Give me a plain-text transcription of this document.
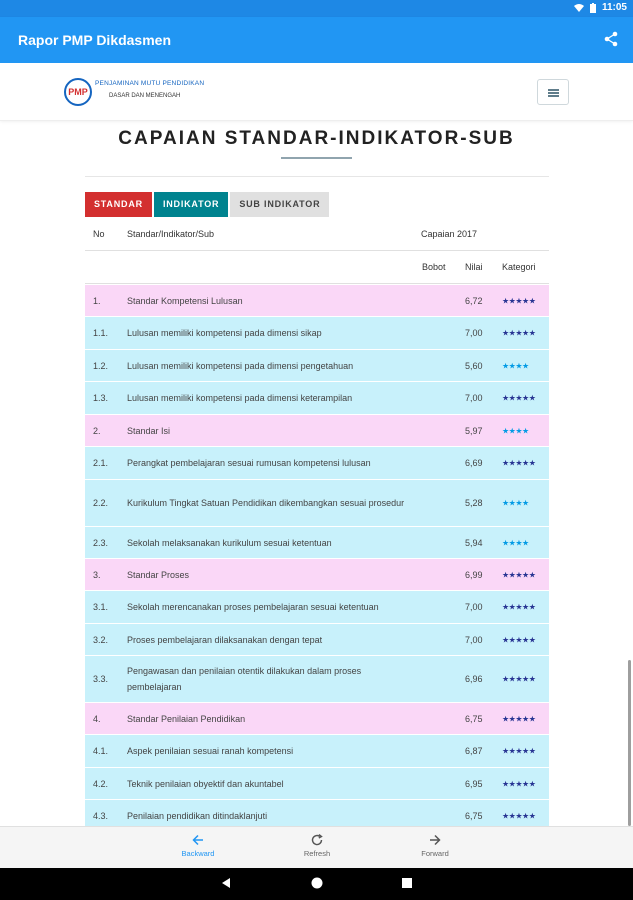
11:05
Rapor PMP Dikdasmen
PMP
PENJAMINAN MUTU PENDIDIKAN
DASAR DAN MENENGAH
CAPAIAN STANDAR-INDIKATOR-SUB
STANDAR	INDIKATOR	SUB INDIKATOR
No Standar/Indikator/Sub	Capaian 2017
Bobot Nilai Kategori
1.	Standar Kompetensi Lulusan	6,72 ★★★★★
1.1. Lulusan memiliki kompetensi pada dimensi sikap	7,00 ★★★★★
1.2. Lulusan memiliki kompetensi pada dimensi pengetahuan	5,60 ★★★★
1.3. Lulusan memiliki kompetensi pada dimensi keterampilan	7,00 ★★★★★
2.	Standar Isi	5,97 ★★★★
2.1. Perangkat pembelajaran sesuai rumusan kompetensi lulusan	6,69 ★★★★★
2.2. Kurikulum Tingkat Satuan Pendidikan dikembangkan sesuai prosedur	5,28 ★★★★
2.3. Sekolah melaksanakan kurikulum sesuai ketentuan	5,94 ★★★★
3.	Standar Proses	6,99 ★★★★★
3.1. Sekolah merencanakan proses pembelajaran sesuai ketentuan	7,00 ★★★★★
3.2. Proses pembelajaran dilaksanakan dengan tepat	7,00 ★★★★★
3.3.
Pengawasan dan penilaian otentik dilakukan dalam proses pembelajaran
6,96 ★★★★★
4.	Standar Penilaian Pendidikan	6,75 ★★★★★
4.1. Aspek penilaian sesuai ranah kompetensi	6,87 ★★★★★
4.2. Teknik penilaian obyektif dan akuntabel	6,95 ★★★★★
4.3. Penilaian pendidikan ditindaklanjuti	6,75 ★★★★★
Backward	Refresh	Forward
